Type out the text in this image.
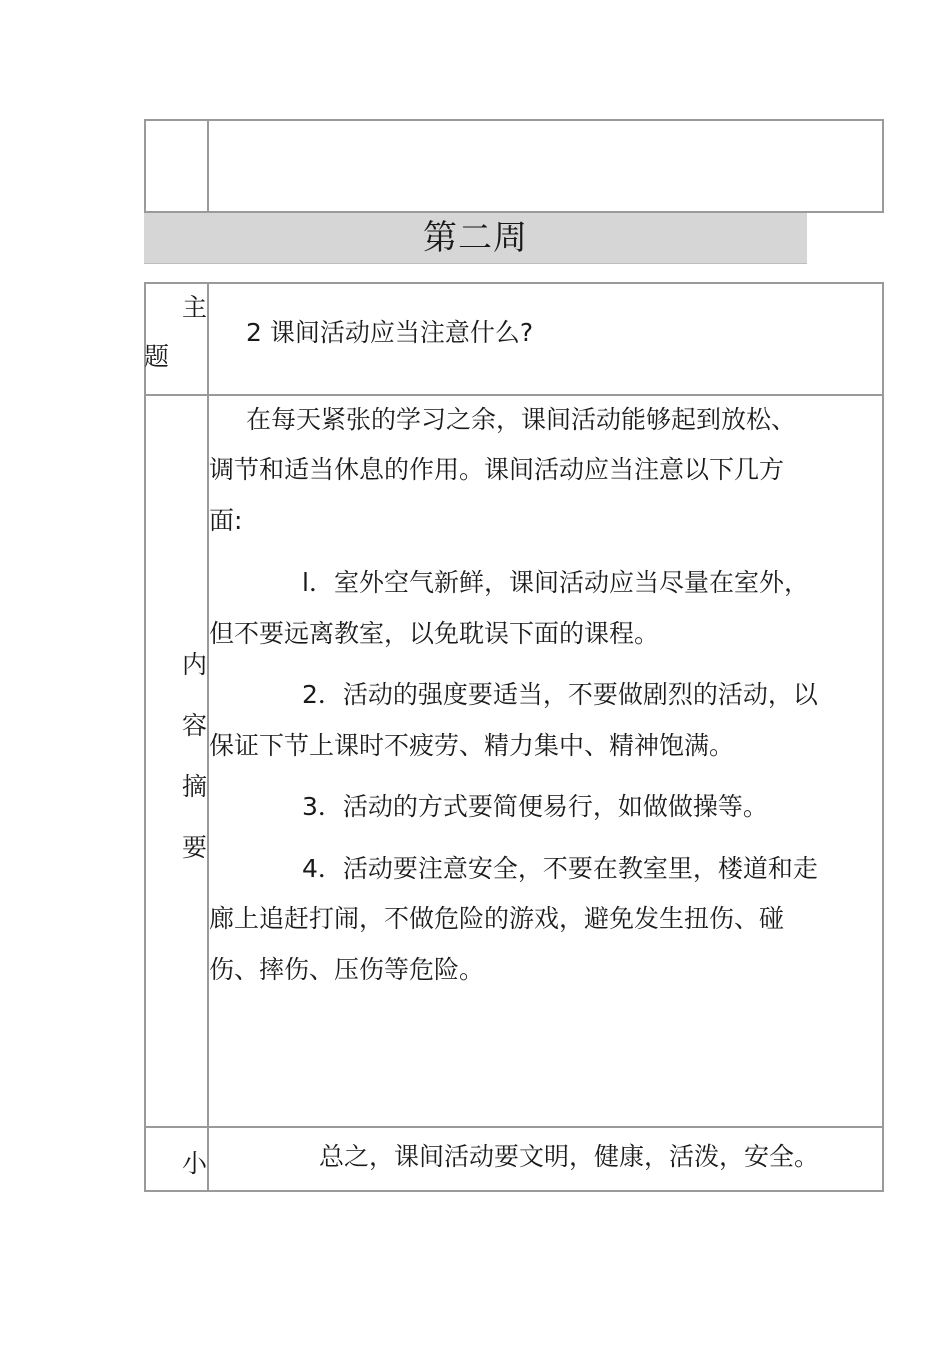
第二周
主
题
2 课间活动应当注意什么?
内
容
摘
要
在每天紧张的学习之余，课间活动能够起到放松、
调节和适当休息的作用。课间活动应当注意以下几方
面:
l．室外空气新鲜，课间活动应当尽量在室外，
但不要远离教室，以免耽误下面的课程。
2．活动的强度要适当，不要做剧烈的活动，以
保证下节上课时不疲劳、精力集中、精神饱满。
3．活动的方式要简便易行，如做做操等。
4．活动要注意安全，不要在教室里，楼道和走
廊上追赶打闹，不做危险的游戏，避免发生扭伤、碰
伤、摔伤、压伤等危险。
小	总之，课间活动要文明，健康，活泼，安全。
